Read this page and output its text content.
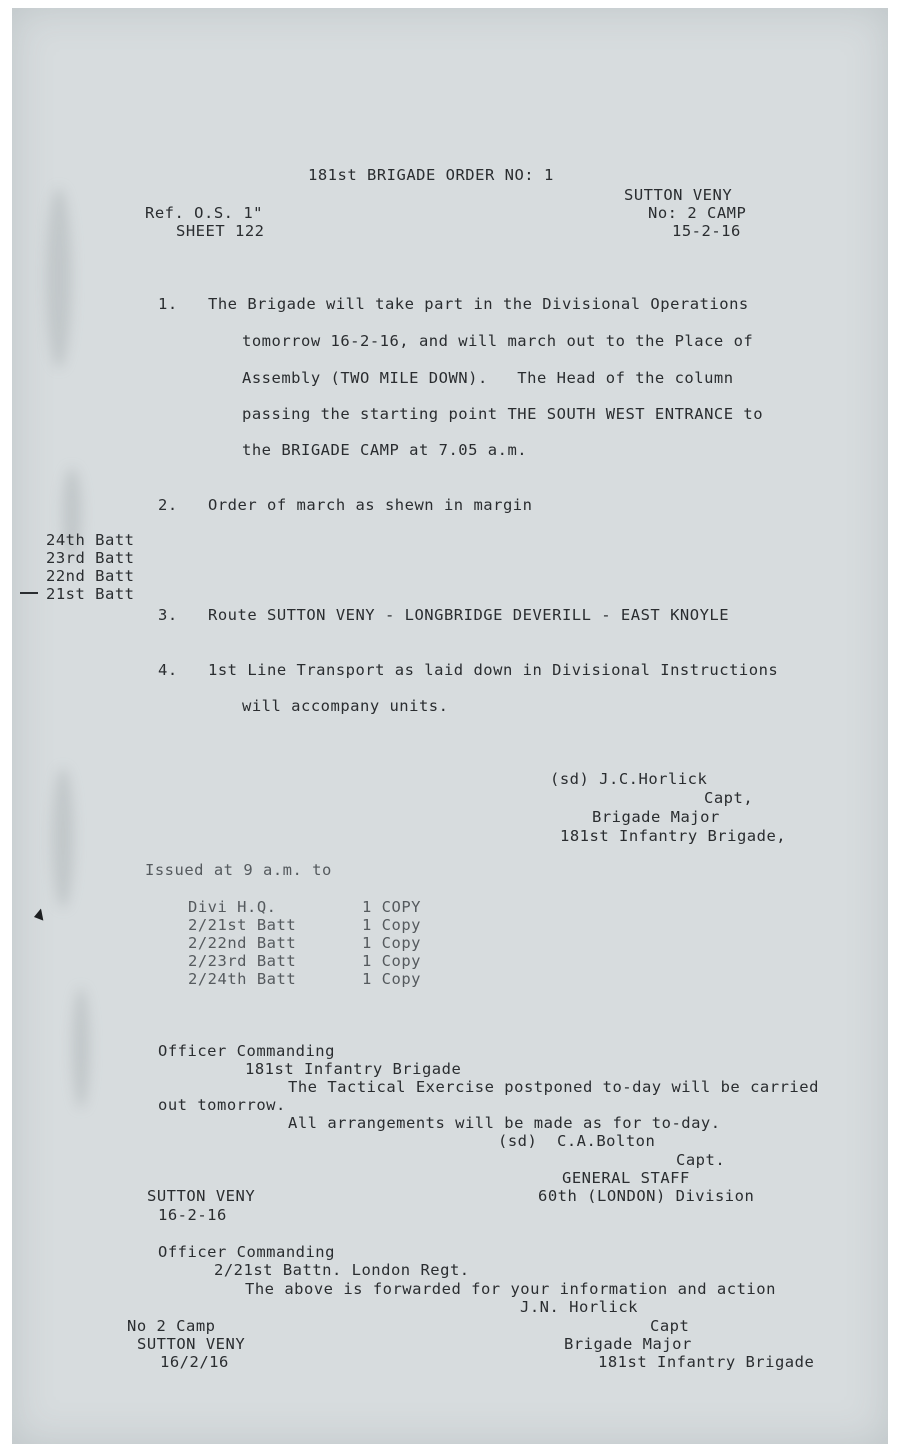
181st BRIGADE ORDER NO: 1
Ref. O.S. 1"
SHEET 122
SUTTON VENY
No: 2 CAMP
15-2-16
1. The Brigade will take part in the Divisional Operations
tomorrow 16-2-16, and will march out to the Place of
Assembly (TWO MILE DOWN).   The Head of the column
passing the starting point THE SOUTH WEST ENTRANCE to
the BRIGADE CAMP at 7.05 a.m.
2. Order of march as shewn in margin
24th Batt
23rd Batt
22nd Batt
21st Batt
3. Route SUTTON VENY - LONGBRIDGE DEVERILL - EAST KNOYLE
4. 1st Line Transport as laid down in Divisional Instructions
will accompany units.
(sd) J.C.Horlick
Capt,
Brigade Major
181st Infantry Brigade,
Issued at 9 a.m. to
Divi H.Q.	1 COPY
2/21st Batt	1 Copy
2/22nd Batt	1 Copy
2/23rd Batt	1 Copy
2/24th Batt	1 Copy
Officer Commanding
181st Infantry Brigade
The Tactical Exercise postponed to-day will be carried
out tomorrow.
All arrangements will be made as for to-day.
(sd)  C.A.Bolton
Capt.
GENERAL STAFF
60th (LONDON) Division
SUTTON VENY
16-2-16
Officer Commanding
2/21st Battn. London Regt.
The above is forwarded for your information and action
J.N. Horlick
Capt
Brigade Major
181st Infantry Brigade
No 2 Camp
SUTTON VENY
16/2/16
